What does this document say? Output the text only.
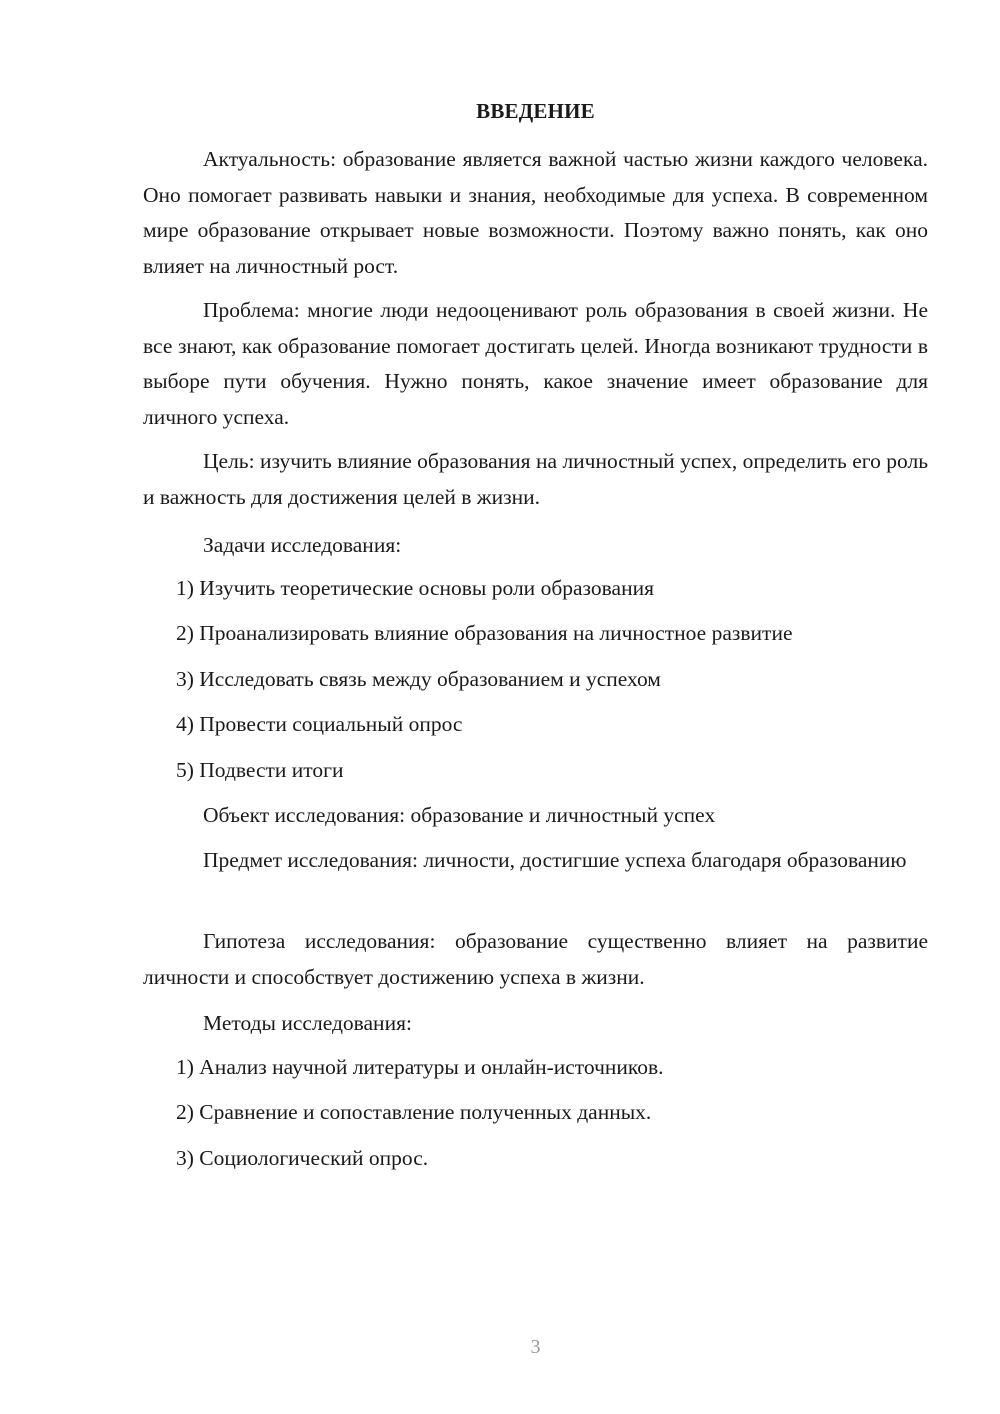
ВВЕДЕНИЕ

Актуальность: образование является важной частью жизни каждого человека. Оно помогает развивать навыки и знания, необходимые для успеха. В современном мире образование открывает новые возможности. Поэтому важно понять, как оно влияет на личностный рост.

Проблема: многие люди недооценивают роль образования в своей жизни. Не все знают, как образование помогает достигать целей. Иногда возникают трудности в выборе пути обучения. Нужно понять, какое значение имеет образование для личного успеха.

Цель: изучить влияние образования на личностный успех, определить его роль и важность для достижения целей в жизни.

Задачи исследования:

1) Изучить теоретические основы роли образования

2) Проанализировать влияние образования на личностное развитие

3) Исследовать связь между образованием и успехом

4) Провести социальный опрос

5) Подвести итоги

Объект исследования: образование и личностный успех

Предмет исследования: личности, достигшие успеха благодаря образованию

Гипотеза исследования: образование существенно влияет на развитие личности и способствует достижению успеха в жизни.

Методы исследования:

1) Анализ научной литературы и онлайн-источников.

2) Сравнение и сопоставление полученных данных.

3) Социологический опрос.

3
